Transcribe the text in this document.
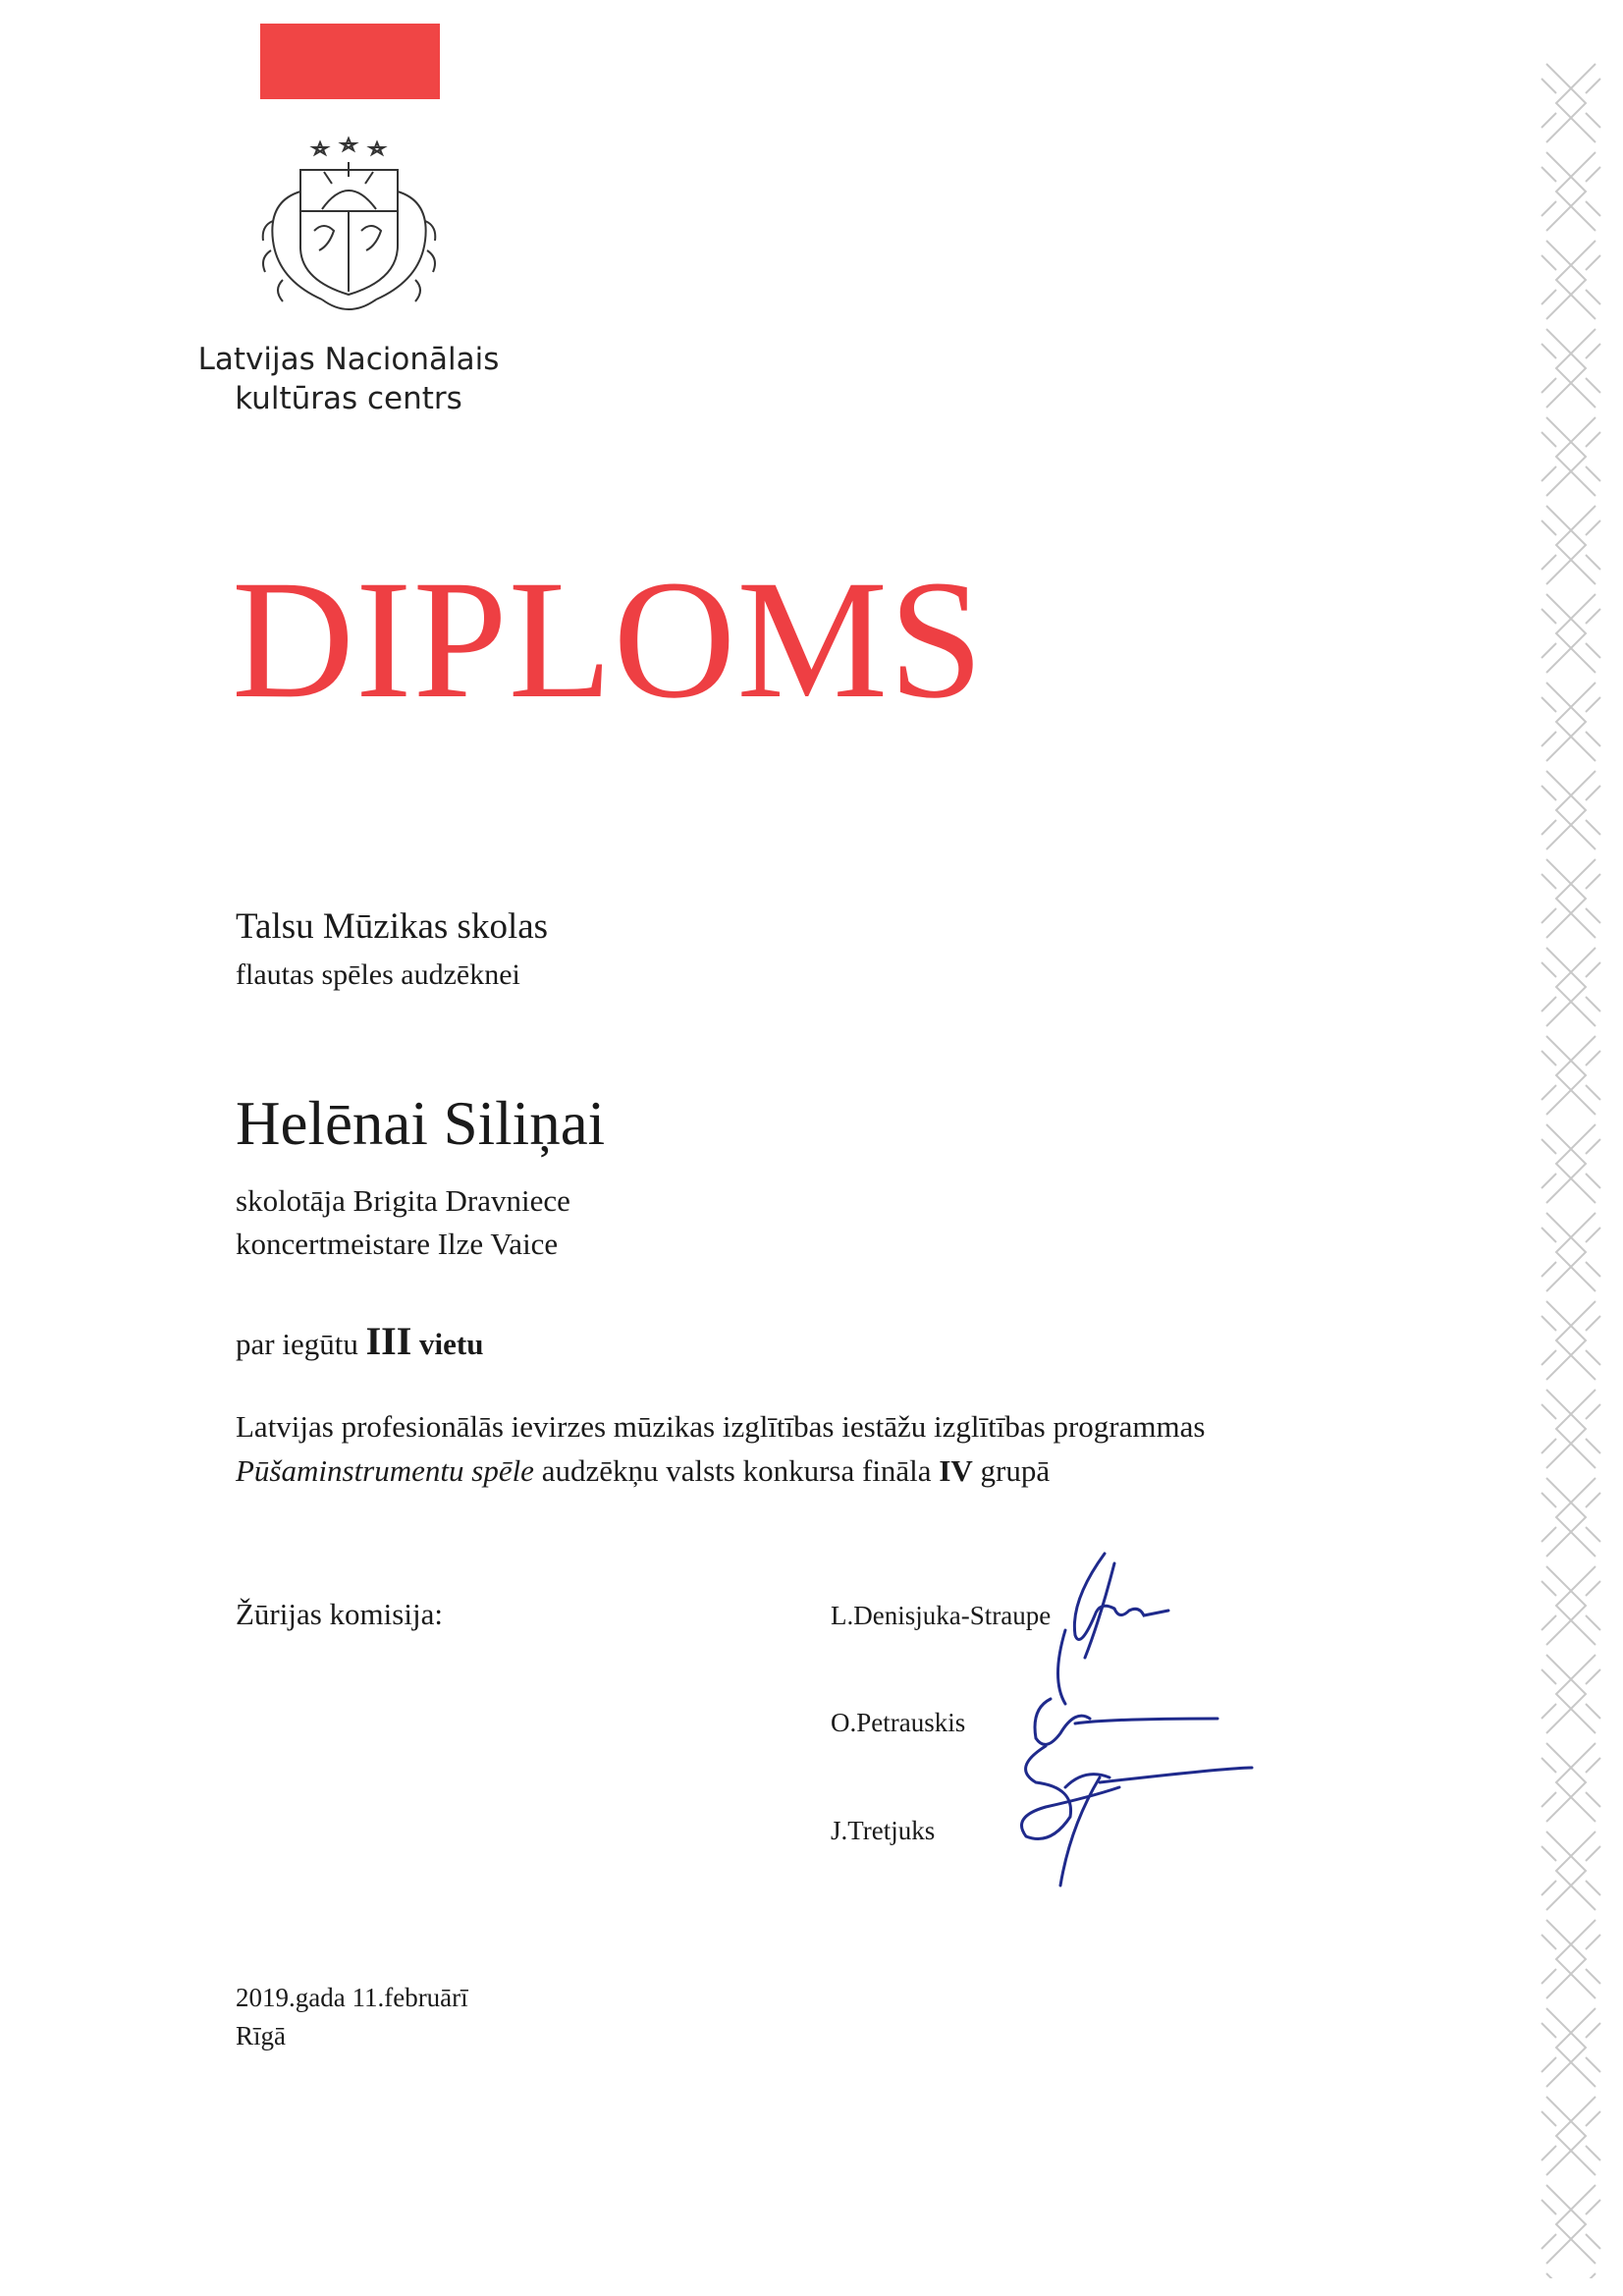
Latvijas Nacionālais
kultūras centrs
DIPLOMS
Talsu Mūzikas skolas
flautas spēles audzēknei
Helēnai Siliņai
skolotāja Brigita Dravniece
koncertmeistare Ilze Vaice
par iegūtu III vietu
Latvijas profesionālās ievirzes mūzikas izglītības iestāžu izglītības programmas
Pūšaminstrumentu spēle audzēkņu valsts konkursa fināla IV grupā
Žūrijas komisija:	L.Denisjuka-Straupe
O.Petrauskis
J.Tretjuks
2019.gada 11.februārī
Rīgā
